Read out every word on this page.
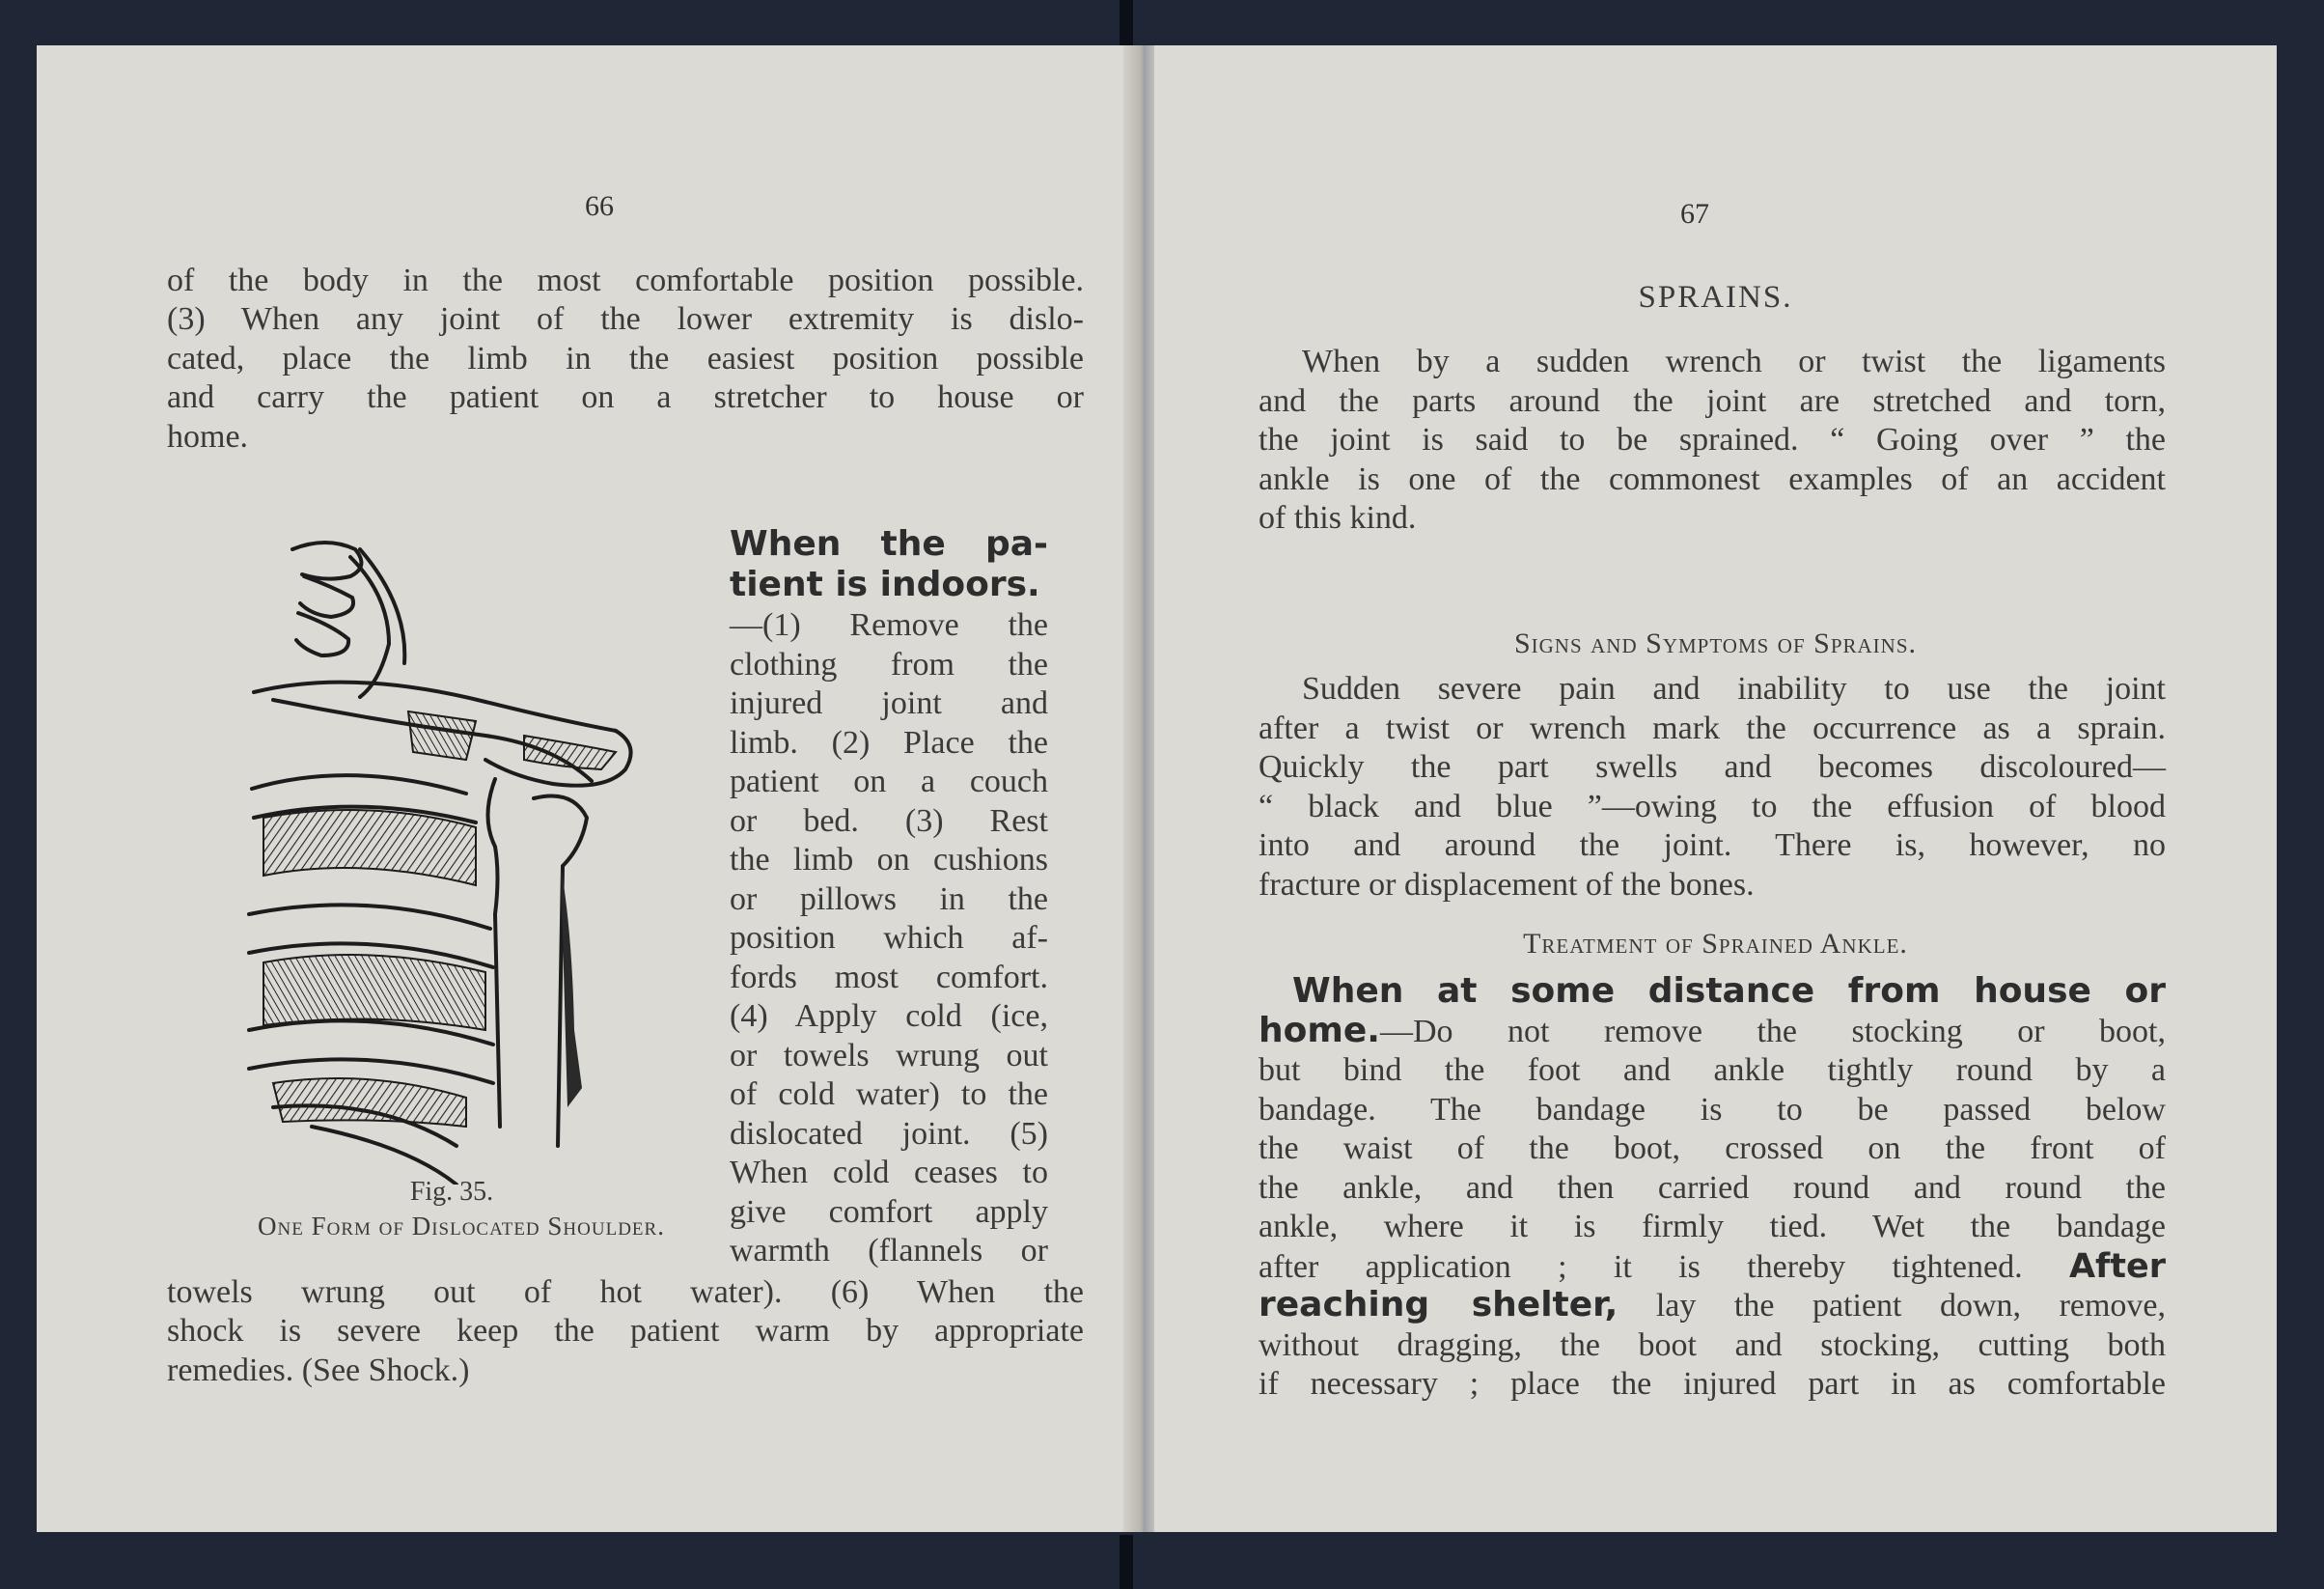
66

of the body in the most comfortable position possible.

(3) When any joint of the lower extremity is dislo-

cated, place the limb in the easiest position possible

and carry the patient on a stretcher to house or

home.

When the pa-
tient is indoors.

—(1) Remove the

clothing from the

injured joint and

limb. (2) Place the

patient on a couch

or bed. (3) Rest

the limb on cushions

or pillows in the

position which af-

fords most comfort.

(4) Apply cold (ice,

or towels wrung out

of cold water) to the

dislocated joint. (5)

When cold ceases to

give comfort apply

warmth (flannels or

Fig. 35.
One Form of Dislocated Shoulder.

towels wrung out of hot water). (6) When the

shock is severe keep the patient warm by appropriate

remedies. (See Shock.)

67
SPRAINS.

When by a sudden wrench or twist the ligaments

and the parts around the joint are stretched and torn,

the joint is said to be sprained. “ Going over ” the

ankle is one of the commonest examples of an accident

of this kind.

Signs and Symptoms of Sprains.

Sudden severe pain and inability to use the joint

after a twist or wrench mark the occurrence as a sprain.

Quickly the part swells and becomes discoloured—

“ black and blue ”—owing to the effusion of blood

into and around the joint. There is, however, no

fracture or displacement of the bones.

Treatment of Sprained Ankle.

When at some distance from house or

home.—Do not remove the stocking or boot,

but bind the foot and ankle tightly round by a

bandage. The bandage is to be passed below

the waist of the boot, crossed on the front of

the ankle, and then carried round and round the

ankle, where it is firmly tied. Wet the bandage

after application ; it is thereby tightened. After

reaching shelter, lay the patient down, remove,

without dragging, the boot and stocking, cutting both

if necessary ; place the injured part in as comfortable
